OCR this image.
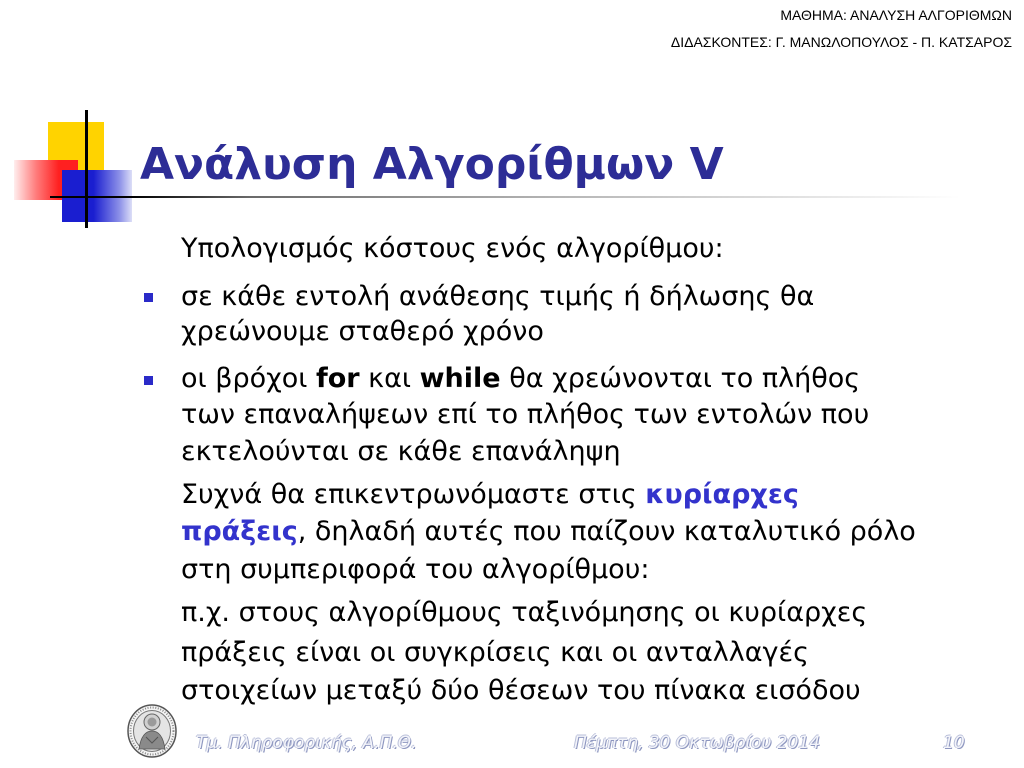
ΜΑΘΗΜΑ: ΑΝΑΛΥΣΗ ΑΛΓΟΡΙΘΜΩΝ
ΔΙΔΑΣΚΟΝΤΕΣ: Γ. ΜΑΝΩΛΟΠΟΥΛΟΣ - Π. ΚΑΤΣΑΡΟΣ
Ανάλυση Αλγορίθμων V
Υπολογισμός κόστους ενός αλγορίθμου:
σε κάθε εντολή ανάθεσης τιμής ή δήλωσης θα
χρεώνουμε σταθερό χρόνο
οι βρόχοι for και while θα χρεώνονται το πλήθος
των επαναλήψεων επί το πλήθος των εντολών που
εκτελούνται σε κάθε επανάληψη
Συχνά θα επικεντρωνόμαστε στις κυρίαρχες
πράξεις, δηλαδή αυτές που παίζουν καταλυτικό ρόλο
στη συμπεριφορά του αλγορίθμου:
π.χ. στους αλγορίθμους ταξινόμησης οι κυρίαρχες
πράξεις είναι οι συγκρίσεις και οι ανταλλαγές
στοιχείων μεταξύ δύο θέσεων του πίνακα εισόδου
Τμ. Πληροφορικής, Α.Π.Θ.	Πέμπτη, 30 Οκτωβρίου 2014	10
